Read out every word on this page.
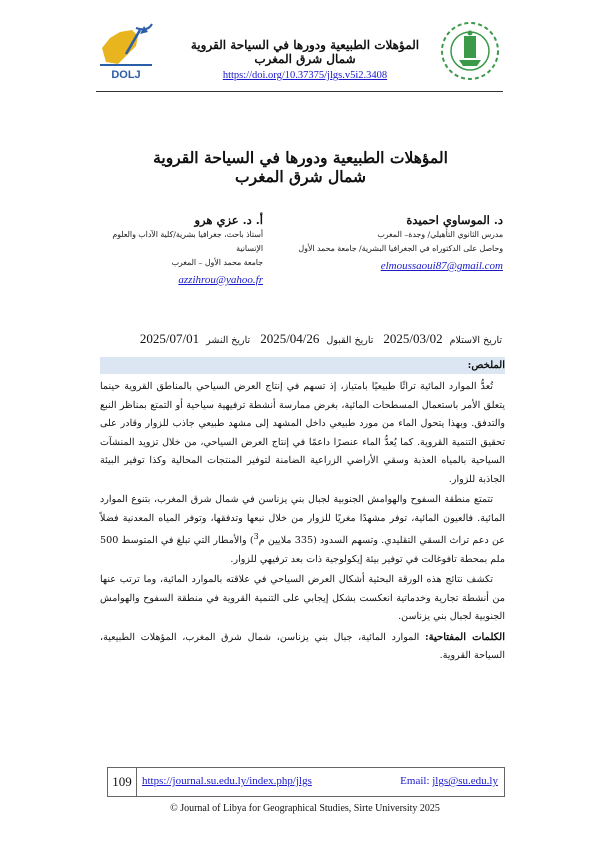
DOLJ
المؤهلات الطبيعية ودورها في السياحة القروية
شمال شرق المغرب
https://doi.org/10.37375/jlgs.v5i2.3408
المؤهلات الطبيعية ودورها في السياحة القروية
شمال شرق المغرب
د. الموساوي احميدة
مدرس الثانوي التأهيلي/ وجدة– المغرب
وحاصل على الدكتوراه في الجغرافيا البشرية/ جامعة محمد الأول
elmoussaoui87@gmail.com
أ. د. عزي هرو
أستاذ باحث، جغرافيا بشرية/كلية الآداب والعلوم الإنسانية
جامعة محمد الأول – المغرب
azzihrou@yahoo.fr
تاريخ الاستلام2025/03/02 تاريخ القبول2025/04/26 تاريخ النشر2025/07/01
الملخص:

تُعدُّ الموارد المائية تراثًا طبيعيًا بامتياز، إذ تسهم في إنتاج العرض السياحي بالمناطق القروية حينما يتعلق الأمر باستعمال المسطحات المائية، بغرض ممارسة أنشطة ترفيهية سياحية أو التمتع بمناظر النبع والتدفق. وبهذا يتحول الماء من مورد طبيعي داخل المشهد إلى مشهد طبيعي جاذب للزوار وقادر على تحقيق التنمية القروية. كما يُعدُّ الماء عنصرًا داعمًا في إنتاج العرض السياحي، من خلال تزويد المنشآت السياحية بالمياه العذبة وسقي الأراضي الزراعية الضامنة لتوفير المنتجات المحالية وكذا توفير البيئة الجاذبة للزوار.

تتمتع منطقة السفوح والهوامش الجنوبية لجبال بني يزناسن في شمال شرق المغرب، بتنوع الموارد المائية. فالعيون المائية، توفر مشهدًا مغريًا للزوار من خلال نبعها وتدفقها، وتوفر المياه المعدنية فضلاً عن دعم تراث السقي التقليدي. وتسهم السدود (335 ملايين م$^3$) والأمطار التي تبلغ في المتوسط 500 ملم بمحطة تافوغالت في توفير بيئة إيكولوجية ذات بعد ترفيهي للزوار.

تكشف نتائج هذه الورقة البحثية أشكال العرض السياحي في علاقته بالموارد المائية، وما ترتب عنها من أنشطة تجارية وخدماتية انعكست بشكل إيجابي على التنمية القروية في منطقة السفوح والهوامش الجنوبية لجبال بني يزناسن.

الكلمات المفتاحية: الموارد المائية، جبال بني يزناسن، شمال شرق المغرب، المؤهلات الطبيعية، السياحة القروية.

109 https://journal.su.edu.ly/index.php/jlgs	Email: jlgs@su.edu.ly
© Journal of Libya for Geographical Studies, Sirte University 2025
